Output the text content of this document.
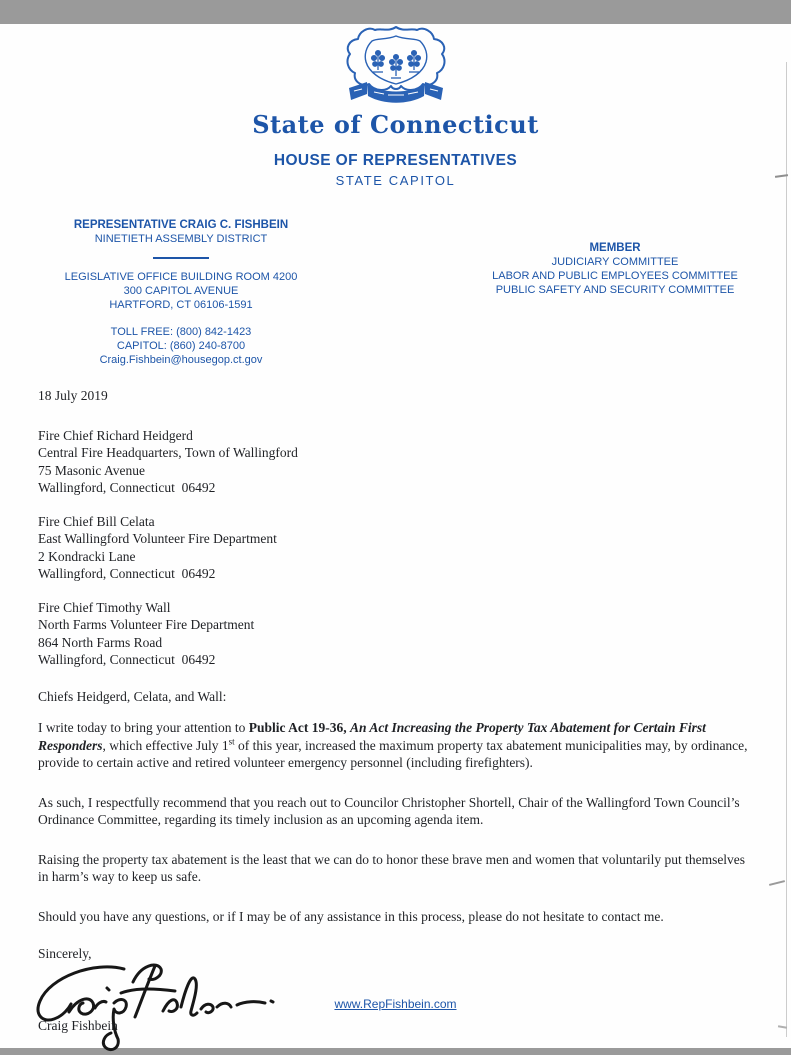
State of Connecticut
HOUSE OF REPRESENTATIVES
STATE CAPITOL
REPRESENTATIVE CRAIG C. FISHBEIN
NINETIETH ASSEMBLY DISTRICT
LEGISLATIVE OFFICE BUILDING ROOM 4200
300 CAPITOL AVENUE
HARTFORD, CT 06106-1591
TOLL FREE: (800) 842-1423
CAPITOL: (860) 240-8700
Craig.Fishbein@housegop.ct.gov
MEMBER
JUDICIARY COMMITTEE
LABOR AND PUBLIC EMPLOYEES COMMITTEE
PUBLIC SAFETY AND SECURITY COMMITTEE
18 July 2019
Fire Chief Richard Heidgerd
Central Fire Headquarters, Town of Wallingford
75 Masonic Avenue
Wallingford, Connecticut  06492
Fire Chief Bill Celata
East Wallingford Volunteer Fire Department
2 Kondracki Lane
Wallingford, Connecticut  06492
Fire Chief Timothy Wall
North Farms Volunteer Fire Department
864 North Farms Road
Wallingford, Connecticut  06492
Chiefs Heidgerd, Celata, and Wall:

I write today to bring your attention to Public Act 19-36, An Act Increasing the Property Tax Abatement for Certain First Responders, which effective July 1st of this year, increased the maximum property tax abatement municipalities may, by ordinance, provide to certain active and retired volunteer emergency personnel (including firefighters).

As such, I respectfully recommend that you reach out to Councilor Christopher Shortell, Chair of the Wallingford Town Council’s Ordinance Committee, regarding its timely inclusion as an upcoming agenda item.

Raising the property tax abatement is the least that we can do to honor these brave men and women that voluntarily put themselves in harm’s way to keep us safe.

Should you have any questions, or if I may be of any assistance in this process, please do not hesitate to contact me.

Sincerely,
Craig Fishbein
www.RepFishbein.com
